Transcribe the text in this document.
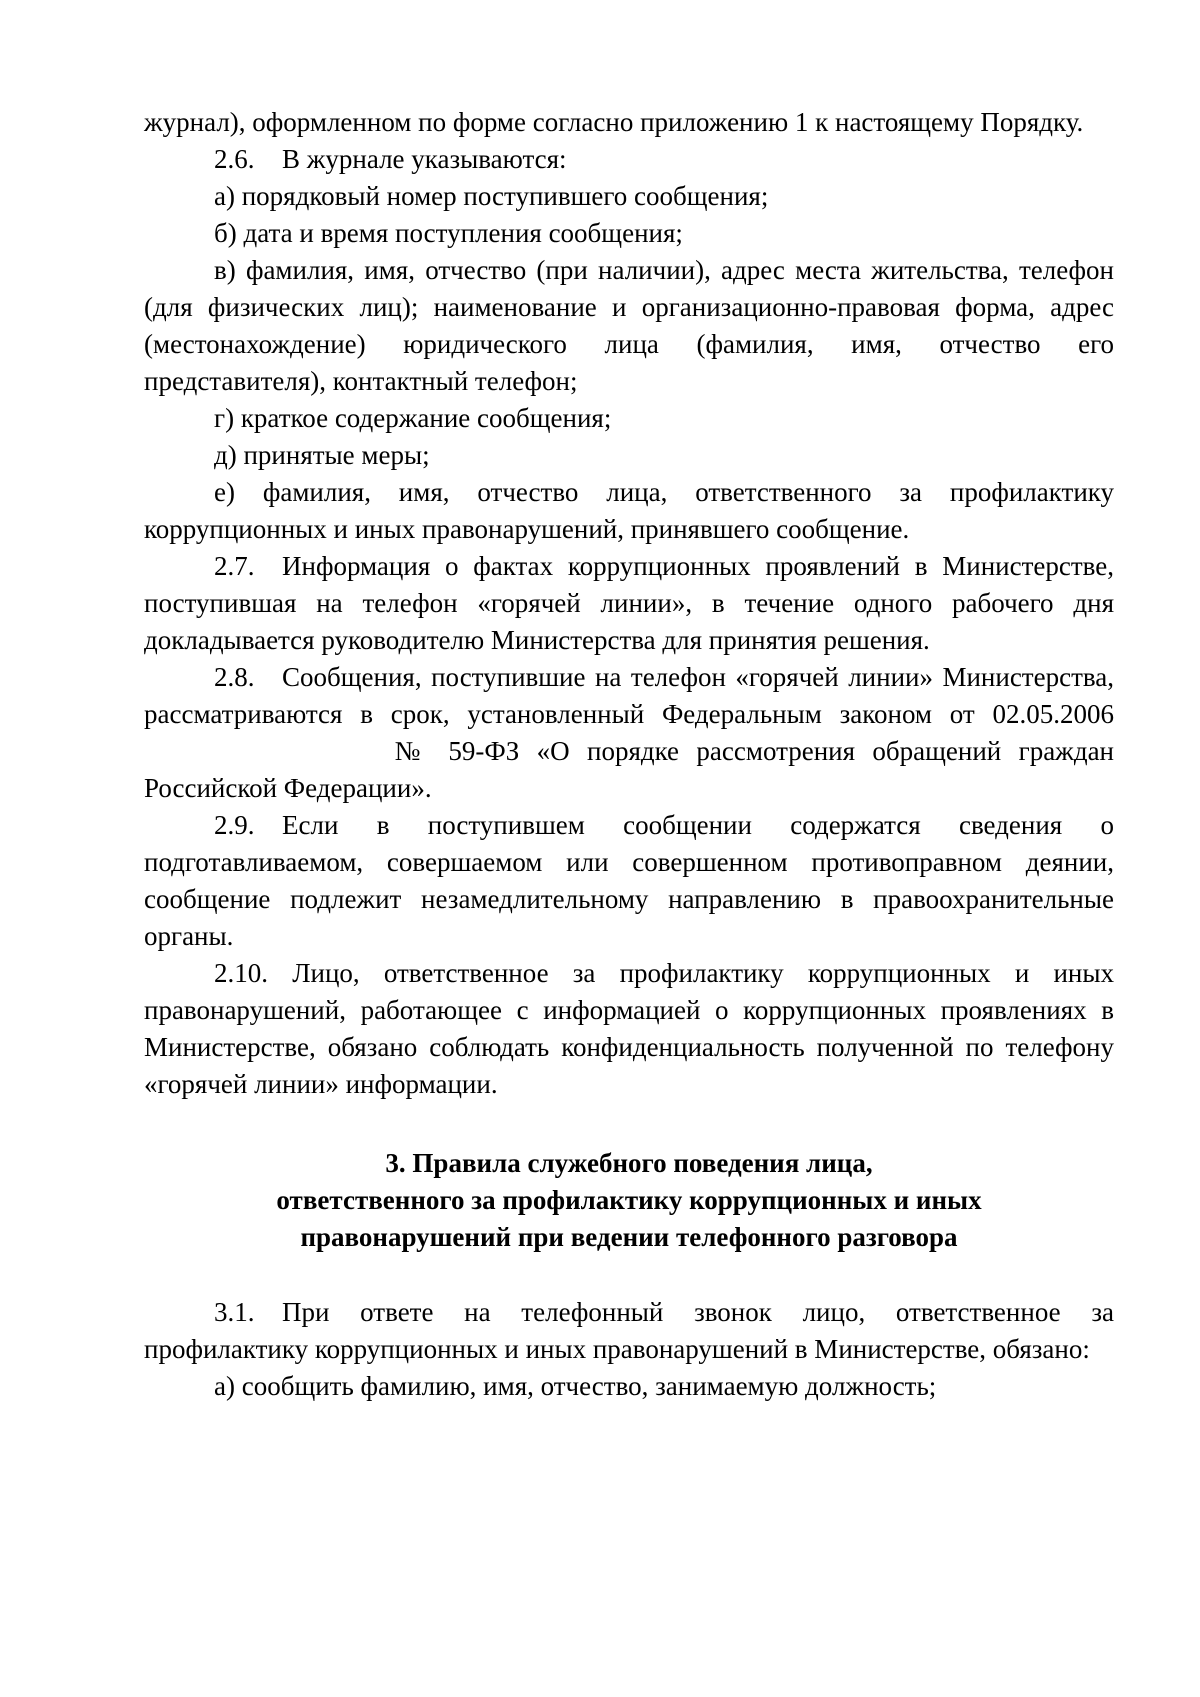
журнал), оформленном по форме согласно приложению 1 к настоящему Порядку.

2.6. В журнале указываются:

а) порядковый номер поступившего сообщения;

б) дата и время поступления сообщения;

в) фамилия, имя, отчество (при наличии), адрес места жительства, телефон (для физических лиц); наименование и организационно-правовая форма, адрес (местонахождение) юридического лица (фамилия, имя, отчество его представителя), контактный телефон;

г) краткое содержание сообщения;

д) принятые меры;

е) фамилия, имя, отчество лица, ответственного за профилактику коррупционных и иных правонарушений, принявшего сообщение.

2.7. Информация о фактах коррупционных проявлений в Министерстве, поступившая на телефон «горячей линии», в течение одного рабочего дня докладывается руководителю Министерства для принятия решения.

2.8. Сообщения, поступившие на телефон «горячей линии» Министерства, рассматриваются в срок, установленный Федеральным законом от 02.05.2006№ 59-ФЗ «О порядке рассмотрения обращений граждан Российской Федерации».

2.9. Если в поступившем сообщении содержатся сведения о подготавливаемом, совершаемом или совершенном противоправном деянии, сообщение подлежит незамедлительному направлению в правоохранительные органы.

2.10. Лицо, ответственное за профилактику коррупционных и иных правонарушений, работающее с информацией о коррупционных проявлениях в Министерстве, обязано соблюдать конфиденциальность полученной по телефону «горячей линии» информации.

3. Правила служебного поведения лица,
ответственного за профилактику коррупционных и иных
правонарушений при ведении телефонного разговора

3.1. При ответе на телефонный звонок лицо, ответственное за профилактику коррупционных и иных правонарушений в Министерстве, обязано:

а) сообщить фамилию, имя, отчество, занимаемую должность;
